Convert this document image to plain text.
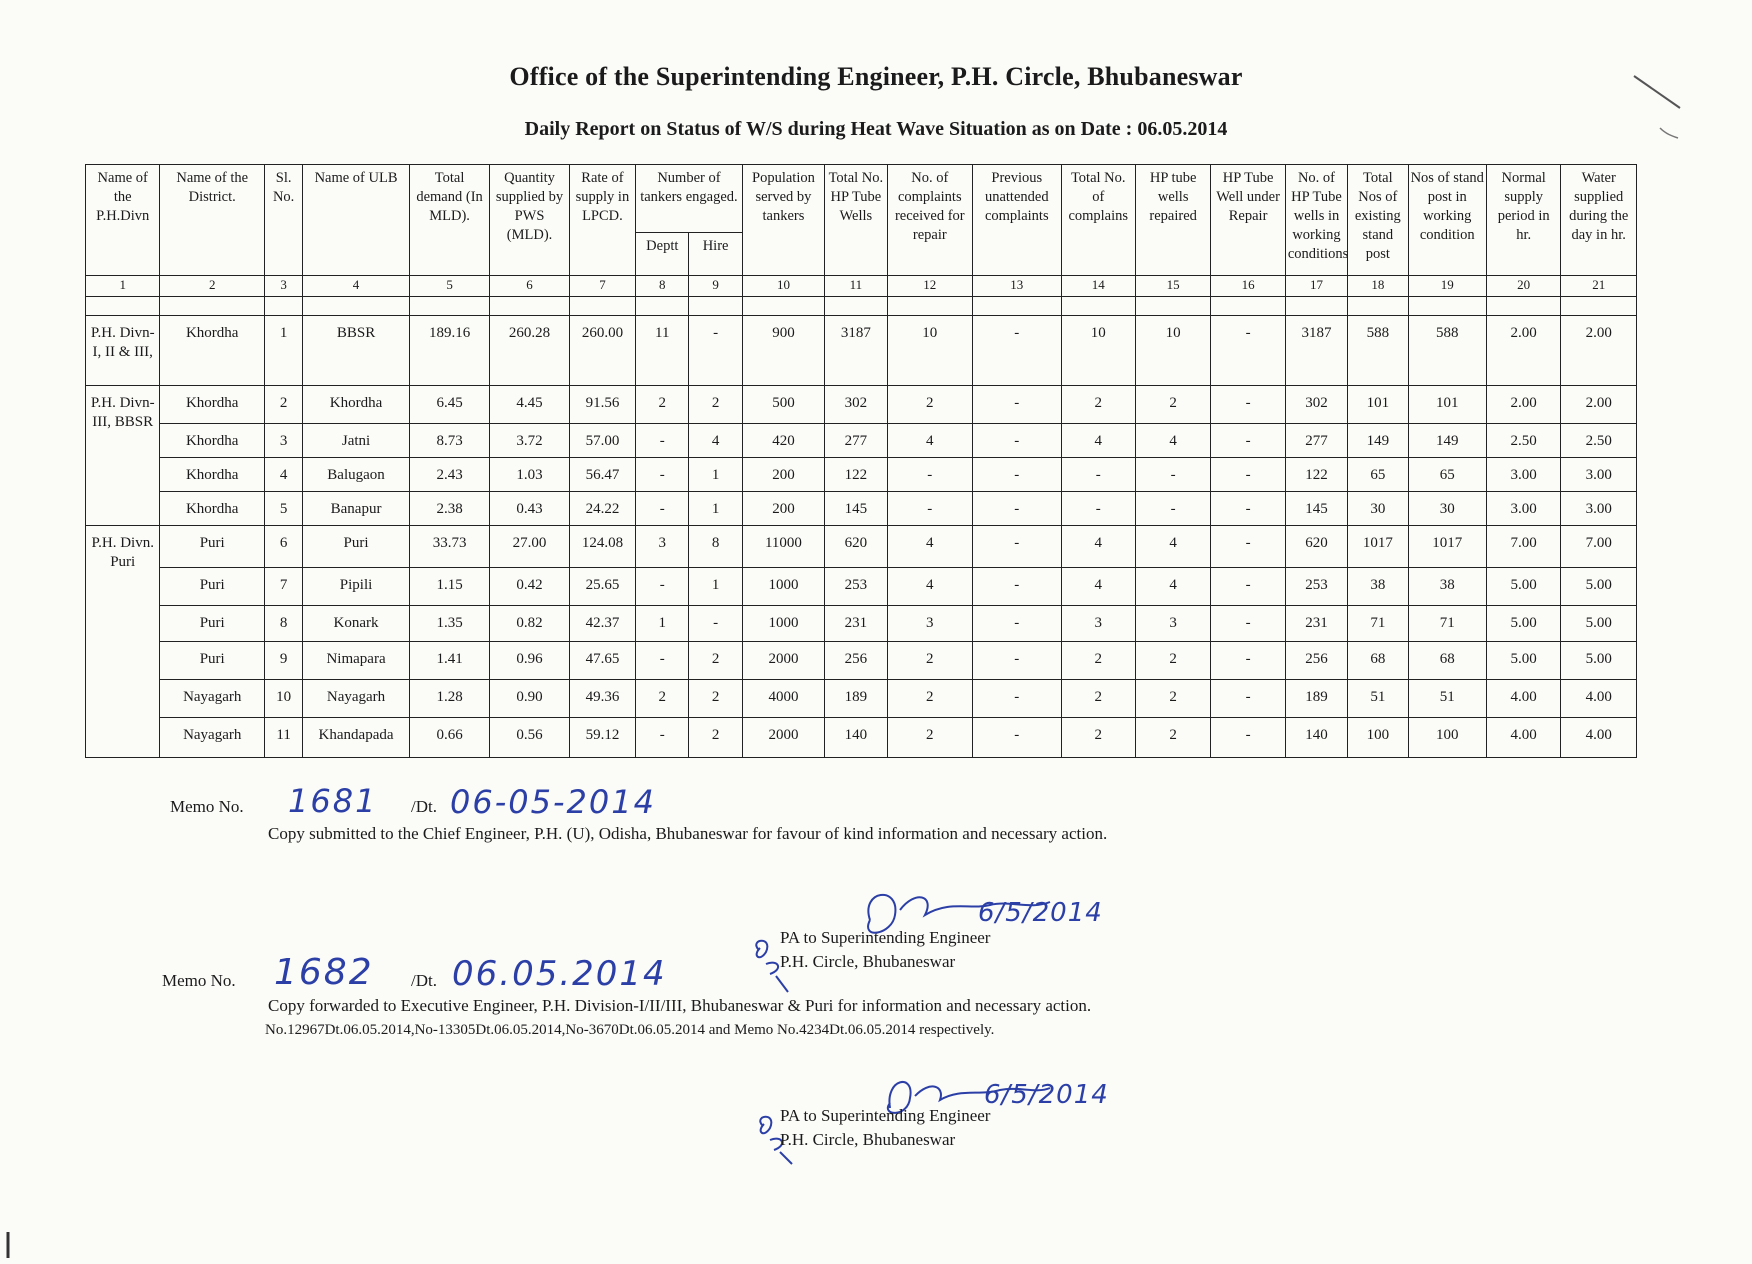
Office of the Superintending Engineer, P.H. Circle, Bhubaneswar
Daily Report on Status of W/S during Heat Wave Situation as on Date : 06.05.2014
Name of the P.H.Divn	Name of the District.	Sl. No.	Name of ULB	Total demand (In MLD).	Quantity supplied by PWS (MLD).	Rate of supply in LPCD.	Number of tankers engaged.		Population served by tankers	Total No. HP Tube Wells	No. of complaints received for repair	Previous unattended complaints	Total No. of complains	HP tube wells repaired	HP Tube Well under Repair	No. of HP Tube wells in working conditions	Total Nos of existing stand post	Nos of stand post in working condition	Normal supply period in hr.	Water supplied during the day in hr.
							Deptt	Hire												
1	2	3	4	5	6	7	8	9	10	11	12	13	14	15	16	17	18	19	20	21

P.H. Divn-I, II & III,	Khordha	1	BBSR	189.16	260.28	260.00	11	-	900	3187	10	-	10	10	-	3187	588	588	2.00	2.00
P.H. Divn-III, BBSR	Khordha	2	Khordha	6.45	4.45	91.56	2	2	500	302	2	-	2	2	-	302	101	101	2.00	2.00
	Khordha	3	Jatni	8.73	3.72	57.00	-	4	420	277	4	-	4	4	-	277	149	149	2.50	2.50
	Khordha	4	Balugaon	2.43	1.03	56.47	-	1	200	122	-	-	-	-	-	122	65	65	3.00	3.00
	Khordha	5	Banapur	2.38	0.43	24.22	-	1	200	145	-	-	-	-	-	145	30	30	3.00	3.00
P.H. Divn. Puri	Puri	6	Puri	33.73	27.00	124.08	3	8	11000	620	4	-	4	4	-	620	1017	1017	7.00	7.00
	Puri	7	Pipili	1.15	0.42	25.65	-	1	1000	253	4	-	4	4	-	253	38	38	5.00	5.00
	Puri	8	Konark	1.35	0.82	42.37	1	-	1000	231	3	-	3	3	-	231	71	71	5.00	5.00
	Puri	9	Nimapara	1.41	0.96	47.65	-	2	2000	256	2	-	2	2	-	256	68	68	5.00	5.00
	Nayagarh	10	Nayagarh	1.28	0.90	49.36	2	2	4000	189	2	-	2	2	-	189	51	51	4.00	4.00
	Nayagarh	11	Khandapada	0.66	0.56	59.12	-	2	2000	140	2	-	2	2	-	140	100	100	4.00	4.00
Memo No. 1681 /Dt. 06-05-2014
Copy submitted to the Chief Engineer, P.H. (U), Odisha, Bhubaneswar for favour of kind information and necessary action.
6/5/2014
PA to Superintending Engineer
P.H. Circle, Bhubaneswar
Memo No. 1682 /Dt. 06.05.2014
Copy forwarded to Executive Engineer, P.H. Division-I/II/III, Bhubaneswar & Puri for information and necessary action.
No.12967Dt.06.05.2014,No-13305Dt.06.05.2014,No-3670Dt.06.05.2014 and Memo No.4234Dt.06.05.2014 respectively.
6/5/2014
PA to Superintending Engineer
P.H. Circle, Bhubaneswar
